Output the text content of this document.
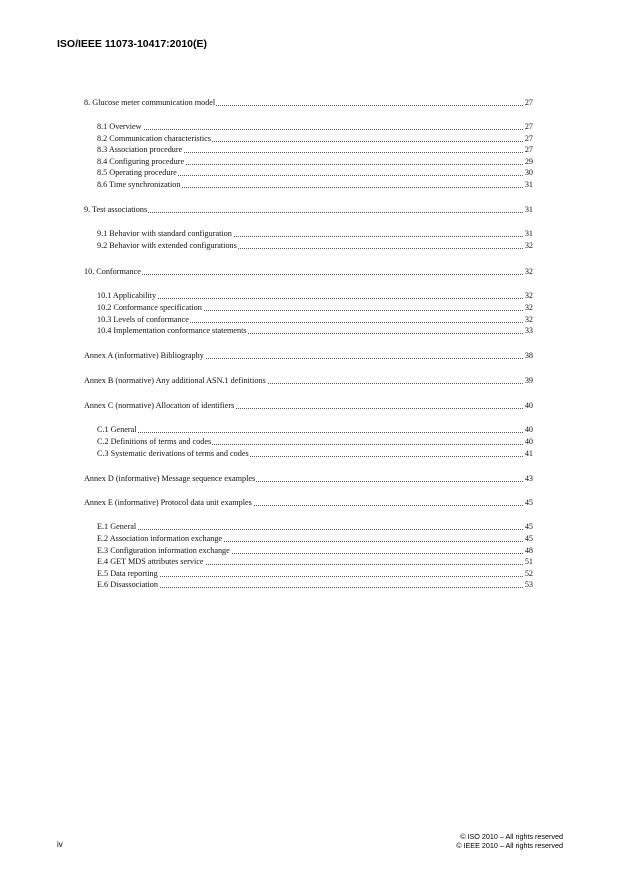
ISO/IEEE 11073-10417:2010(E)
8. Glucose meter communication model	27
8.1 Overview	27
8.2 Communication characteristics	27
8.3 Association procedure	27
8.4 Configuring procedure	29
8.5 Operating procedure	30
8.6 Time synchronization	31
9. Test associations	31
9.1 Behavior with standard configuration	31
9.2 Behavior with extended configurations	32
10. Conformance	32
10.1 Applicability	32
10.2 Conformance specification	32
10.3 Levels of conformance	32
10.4 Implementation conformance statements	33
Annex A (informative) Bibliography	38
Annex B (normative) Any additional ASN.1 definitions	39
Annex C (normative) Allocation of identifiers	40
C.1 General	40
C.2 Definitions of terms and codes	40
C.3 Systematic derivations of terms and codes	41
Annex D (informative) Message sequence examples	43
Annex E (informative) Protocol data unit examples	45
E.1 General	45
E.2 Association information exchange	45
E.3 Configuration information exchange	48
E.4 GET MDS attributes service	51
E.5 Data reporting	52
E.6 Disassociation	53
iv
© ISO 2010 – All rights reserved
© IEEE 2010 – All rights reserved
